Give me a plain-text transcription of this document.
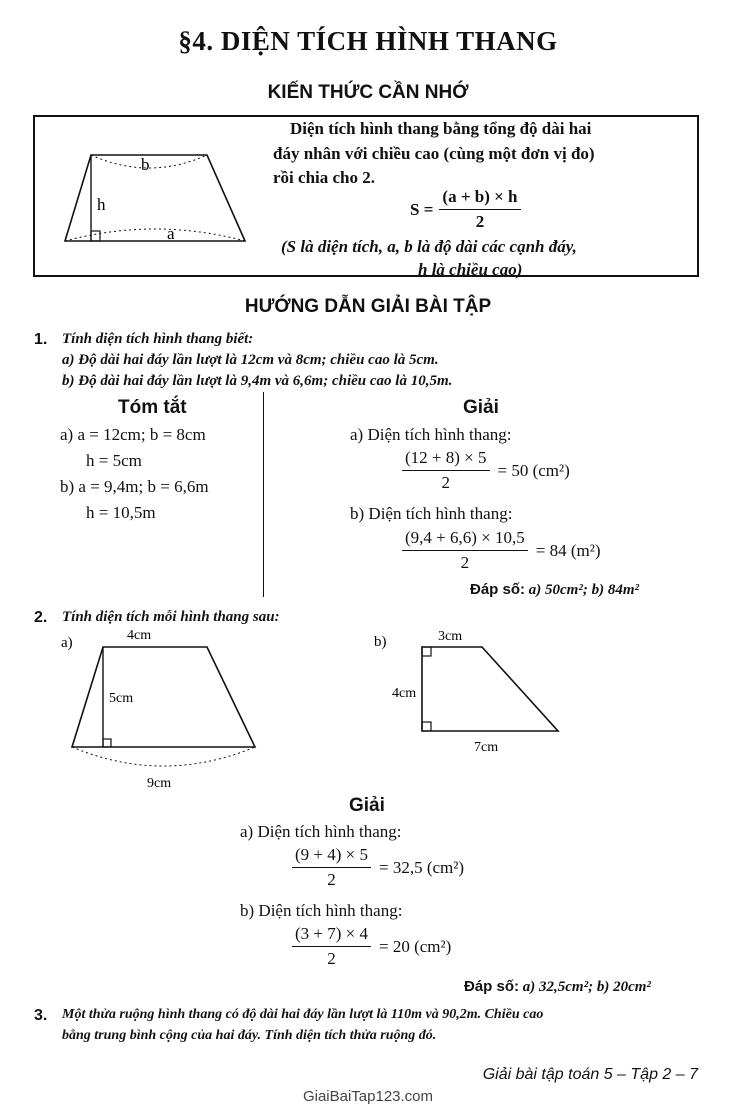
§4. DIỆN TÍCH HÌNH THANG
KIẾN THỨC CẦN NHỚ
b
h
a
Diện tích hình thang bằng tổng độ dài hai
đáy nhân với chiều cao (cùng một đơn vị đo)
rồi chia cho 2.
$S = \frac{(a + b) \times h}{2}$
(S là diện tích, a, b là độ dài các cạnh đáy,
h là chiều cao)
HƯỚNG DẪN GIẢI BÀI TẬP
1. Tính diện tích hình thang biết:
a) Độ dài hai đáy lần lượt là 12cm và 8cm; chiều cao là 5cm.
b) Độ dài hai đáy lần lượt là 9,4m và 6,6m; chiều cao là 10,5m.
Tóm tắt
a) a = 12cm; b = 8cm
h = 5cm
b) a = 9,4m; b = 6,6m
h = 10,5m
Giải
a) Diện tích hình thang:
$\frac{(12 + 8) \times 5}{2} = 50$ (cm²)
b) Diện tích hình thang:
$\frac{(9,4 + 6,6) \times 10,5}{2} = 84$ (m²)
Đáp số: a) 50cm²; b) 84m²
2. Tính diện tích mỗi hình thang sau:
a)	4cm
5cm
9cm
b)	3cm
4cm
7cm
Giải
a) Diện tích hình thang:
$\frac{(9 + 4) \times 5}{2} = 32,5$ (cm²)
b) Diện tích hình thang:
$\frac{(3 + 7) \times 4}{2} = 20$ (cm²)
Đáp số: a) 32,5cm²; b) 20cm²
3. Một thửa ruộng hình thang có độ dài hai đáy lần lượt là 110m và 90,2m. Chiều cao
bằng trung bình cộng của hai đáy. Tính diện tích thửa ruộng đó.
Giải bài tập toán 5 – Tập 2 – 7
GiaiBaiTap123.com
